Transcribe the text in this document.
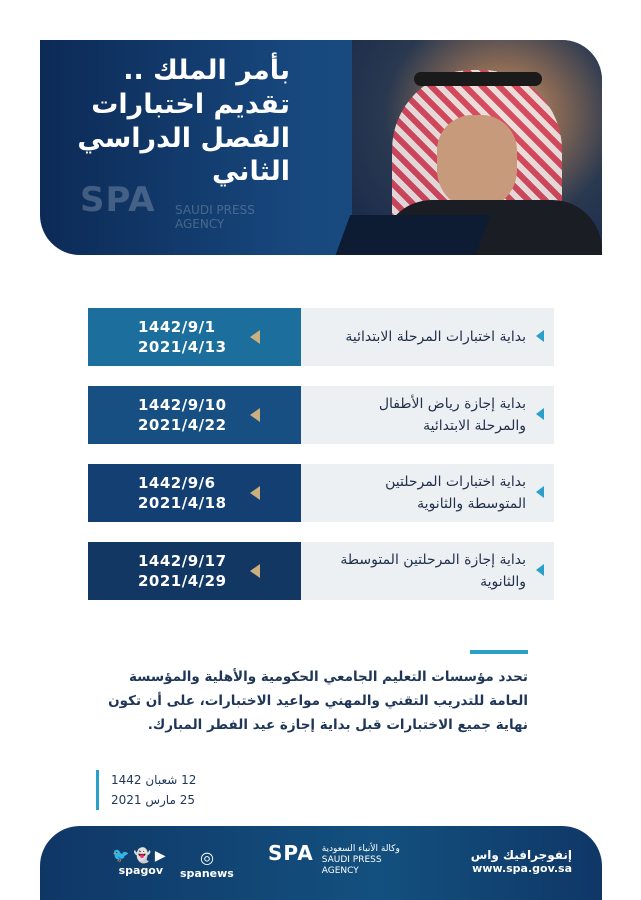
بأمر الملك ..
تقديم اختبارات
الفصل الدراسي
الثاني
SPA SAUDI PRESS AGENCY
1442/9/1
2021/4/13
بداية اختبارات المرحلة الابتدائية
1442/9/10
2021/4/22
بداية إجازة رياض الأطفال والمرحلة الابتدائية
1442/9/6
2021/4/18
بداية اختبارات المرحلتين المتوسطة والثانوية
1442/9/17
2021/4/29
بداية إجازة المرحلتين المتوسطة والثانوية
تحدد مؤسسات التعليم الجامعي الحكومية والأهلية والمؤسسة العامة للتدريب التقني والمهني مواعيد الاختبارات، على أن تكون نهاية جميع الاختبارات قبل بداية إجازة عيد الفطر المبارك.
12 شعبان 1442
25 مارس 2021
🐦👻▶
spagov
◎
spanews
SPA وكالة الأنباء السعودية
SAUDI PRESS AGENCY
إنفوجرافيك واس
www.spa.gov.sa
